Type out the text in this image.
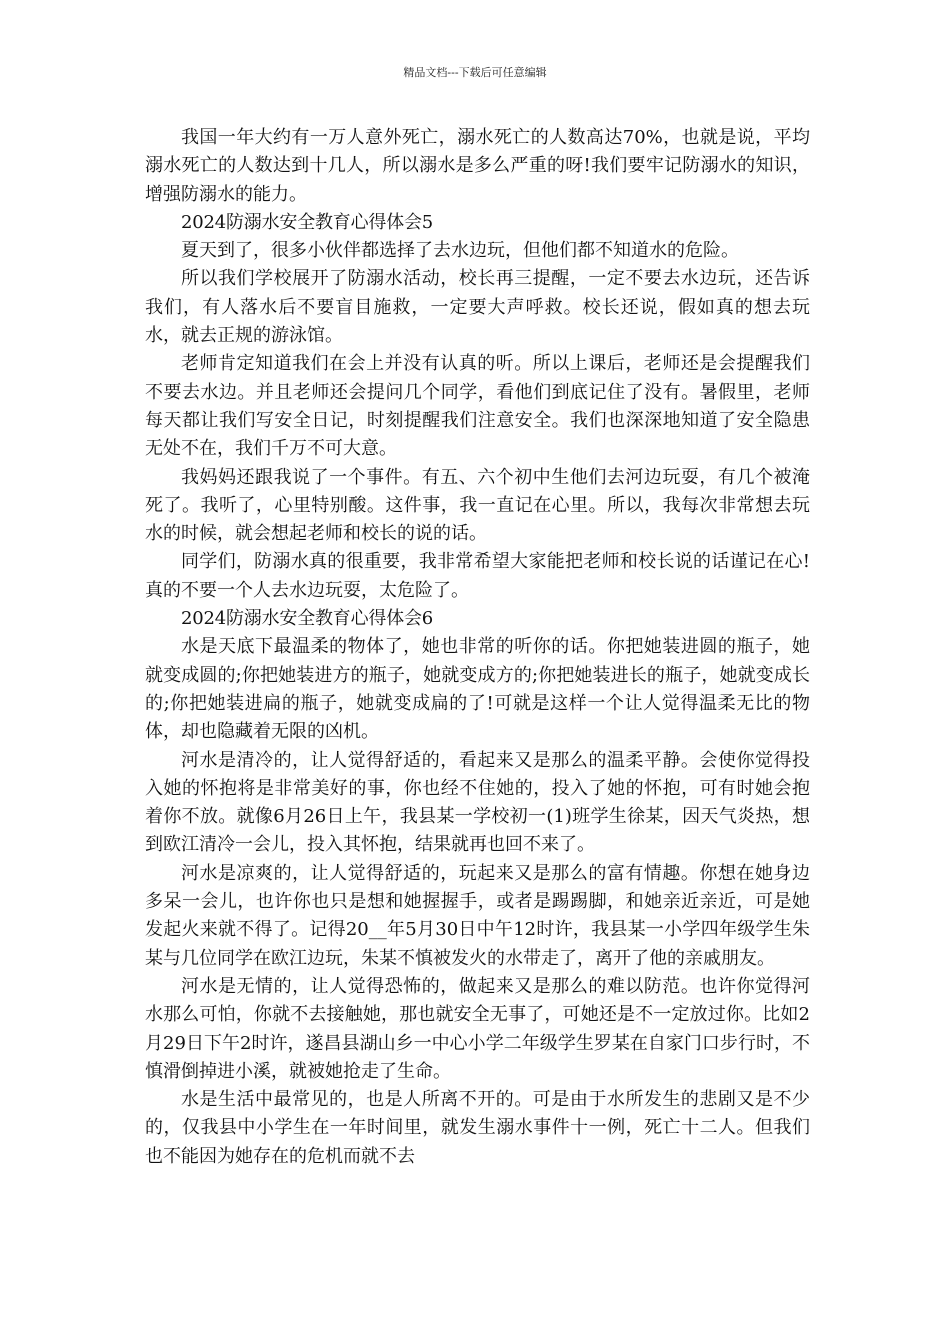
精品文档---下载后可任意编辑

我国一年大约有一万人意外死亡，溺水死亡的人数高达70%，也就是说，平均溺水死亡的人数达到十几人，所以溺水是多么严重的呀!我们要牢记防溺水的知识，增强防溺水的能力。

2024防溺水安全教育心得体会5

夏天到了，很多小伙伴都选择了去水边玩，但他们都不知道水的危险。

所以我们学校展开了防溺水活动，校长再三提醒，一定不要去水边玩，还告诉我们，有人落水后不要盲目施救，一定要大声呼救。校长还说，假如真的想去玩水，就去正规的游泳馆。

老师肯定知道我们在会上并没有认真的听。所以上课后，老师还是会提醒我们不要去水边。并且老师还会提问几个同学，看他们到底记住了没有。暑假里，老师每天都让我们写安全日记，时刻提醒我们注意安全。我们也深深地知道了安全隐患无处不在，我们千万不可大意。

我妈妈还跟我说了一个事件。有五、六个初中生他们去河边玩耍，有几个被淹死了。我听了，心里特别酸。这件事，我一直记在心里。所以，我每次非常想去玩水的时候，就会想起老师和校长的说的话。

同学们，防溺水真的很重要，我非常希望大家能把老师和校长说的话谨记在心!真的不要一个人去水边玩耍，太危险了。

2024防溺水安全教育心得体会6

水是天底下最温柔的物体了，她也非常的听你的话。你把她装进圆的瓶子，她就变成圆的;你把她装进方的瓶子，她就变成方的;你把她装进长的瓶子，她就变成长的;你把她装进扁的瓶子，她就变成扁的了!可就是这样一个让人觉得温柔无比的物体，却也隐藏着无限的凶机。

河水是清冷的，让人觉得舒适的，看起来又是那么的温柔平静。会使你觉得投入她的怀抱将是非常美好的事，你也经不住她的，投入了她的怀抱，可有时她会抱着你不放。就像6月26日上午，我县某一学校初一(1)班学生徐某，因天气炎热，想到欧江清冷一会儿，投入其怀抱，结果就再也回不来了。

河水是凉爽的，让人觉得舒适的，玩起来又是那么的富有情趣。你想在她身边多呆一会儿，也许你也只是想和她握握手，或者是踢踢脚，和她亲近亲近，可是她发起火来就不得了。记得20__年5月30日中午12时许，我县某一小学四年级学生朱某与几位同学在欧江边玩，朱某不慎被发火的水带走了，离开了他的亲戚朋友。

河水是无情的，让人觉得恐怖的，做起来又是那么的难以防范。也许你觉得河水那么可怕，你就不去接触她，那也就安全无事了，可她还是不一定放过你。比如2月29日下午2时许，遂昌县湖山乡一中心小学二年级学生罗某在自家门口步行时，不慎滑倒掉进小溪，就被她抢走了生命。

水是生活中最常见的，也是人所离不开的。可是由于水所发生的悲剧又是不少的，仅我县中小学生在一年时间里，就发生溺水事件十一例，死亡十二人。但我们也不能因为她存在的危机而就不去
